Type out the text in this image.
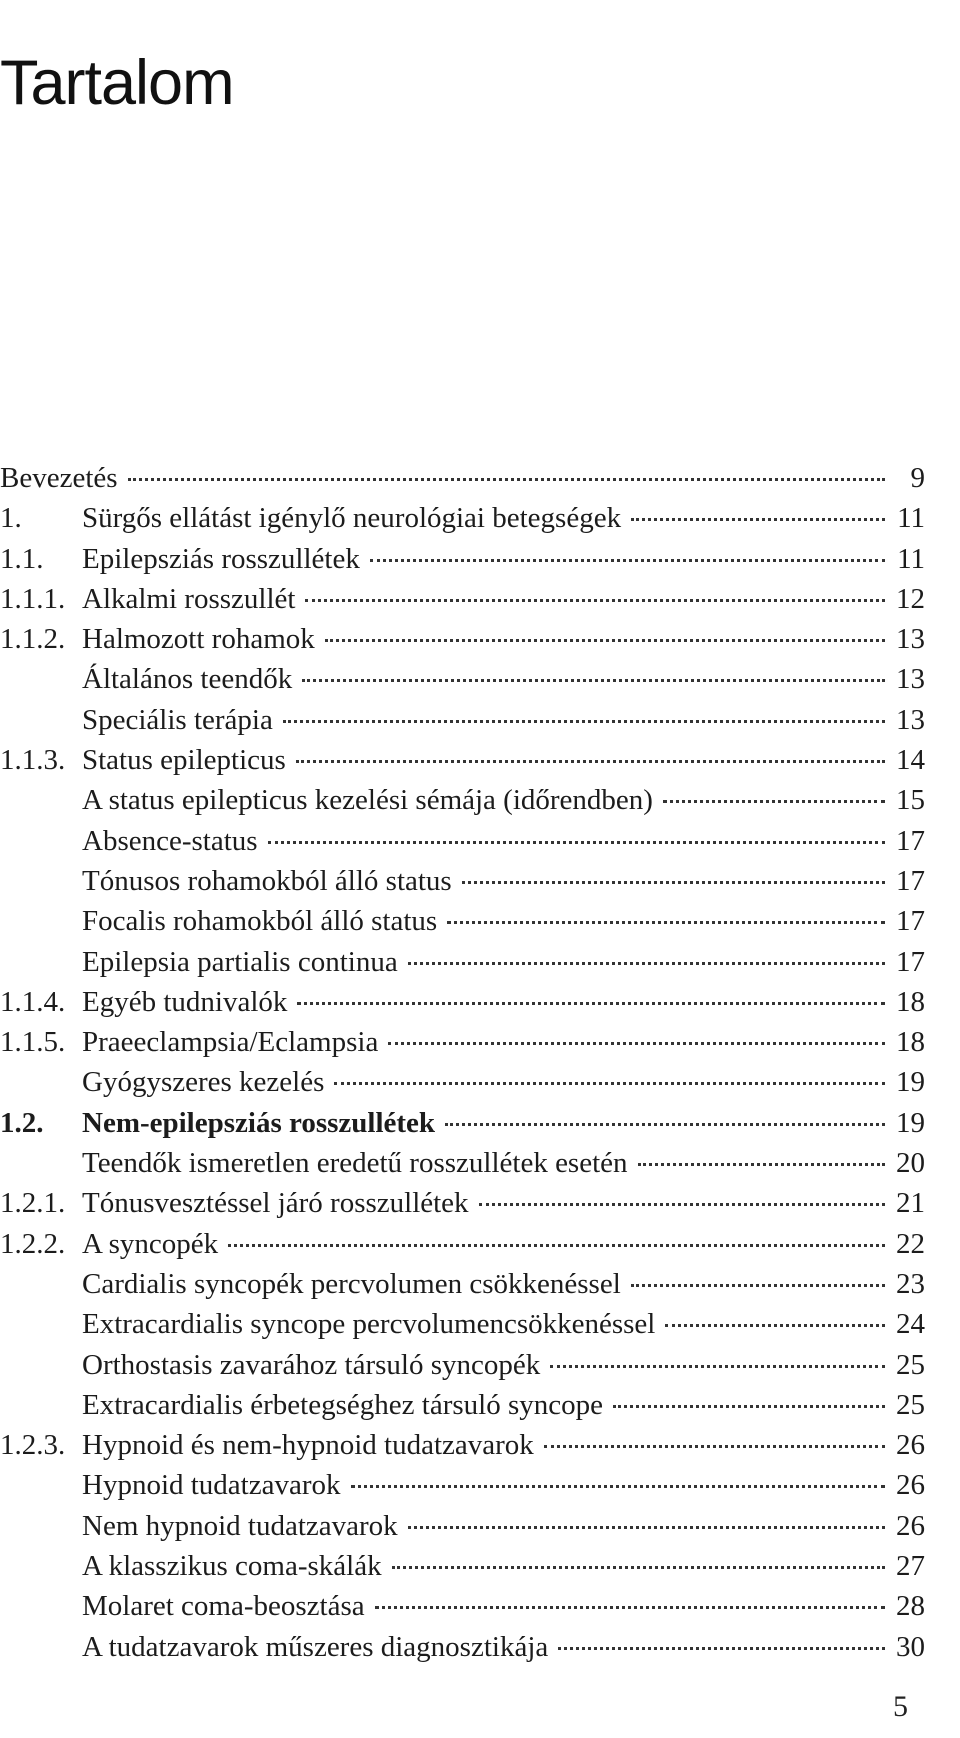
Tartalom
Bevezetés	9
1.	Sürgős ellátást igénylő neurológiai betegségek	11
1.1.	Epilepsziás rosszullétek	11
1.1.1. Alkalmi rosszullét	12
1.1.2. Halmozott rohamok	13
Általános teendők	13
Speciális terápia	13
1.1.3. Status epilepticus	14
A status epilepticus kezelési sémája (időrendben)	15
Absence-status	17
Tónusos rohamokból álló status	17
Focalis rohamokból álló status	17
Epilepsia partialis continua	17
1.1.4. Egyéb tudnivalók	18
1.1.5. Praeeclampsia/Eclampsia	18
Gyógyszeres kezelés	19
1.2.	Nem-epilepsziás rosszullétek	19
Teendők ismeretlen eredetű rosszullétek esetén	20
1.2.1. Tónusvesztéssel járó rosszullétek	21
1.2.2. A syncopék	22
Cardialis syncopék percvolumen csökkenéssel	23
Extracardialis syncope percvolumencsökkenéssel	24
Orthostasis zavarához társuló syncopék	25
Extracardialis érbetegséghez társuló syncope	25
1.2.3. Hypnoid és nem-hypnoid tudatzavarok	26
Hypnoid tudatzavarok	26
Nem hypnoid tudatzavarok	26
A klasszikus coma-skálák	27
Molaret coma-beosztása	28
A tudatzavarok műszeres diagnosztikája	30
5
